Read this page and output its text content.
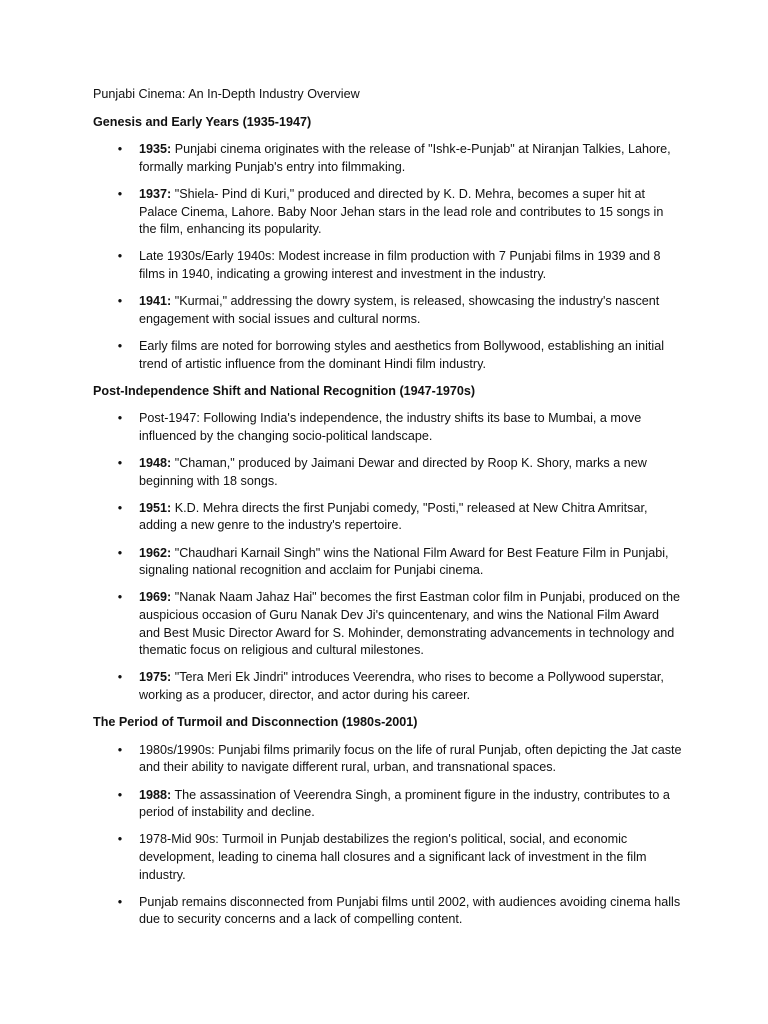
Punjabi Cinema: An In-Depth Industry Overview
Genesis and Early Years (1935-1947)
• 1935: Punjabi cinema originates with the release of "Ishk-e-Punjab" at Niranjan Talkies, Lahore, formally marking Punjab's entry into filmmaking.
• 1937: "Shiela- Pind di Kuri," produced and directed by K. D. Mehra, becomes a super hit at Palace Cinema, Lahore. Baby Noor Jehan stars in the lead role and contributes to 15 songs in the film, enhancing its popularity.
• Late 1930s/Early 1940s: Modest increase in film production with 7 Punjabi films in 1939 and 8 films in 1940, indicating a growing interest and investment in the industry.
• 1941: "Kurmai," addressing the dowry system, is released, showcasing the industry's nascent engagement with social issues and cultural norms.
• Early films are noted for borrowing styles and aesthetics from Bollywood, establishing an initial trend of artistic influence from the dominant Hindi film industry.
Post-Independence Shift and National Recognition (1947-1970s)
• Post-1947: Following India's independence, the industry shifts its base to Mumbai, a move influenced by the changing socio-political landscape.
• 1948: "Chaman," produced by Jaimani Dewar and directed by Roop K. Shory, marks a new beginning with 18 songs.
• 1951: K.D. Mehra directs the first Punjabi comedy, "Posti," released at New Chitra Amritsar, adding a new genre to the industry's repertoire.
• 1962: "Chaudhari Karnail Singh" wins the National Film Award for Best Feature Film in Punjabi, signaling national recognition and acclaim for Punjabi cinema.
• 1969: "Nanak Naam Jahaz Hai" becomes the first Eastman color film in Punjabi, produced on the auspicious occasion of Guru Nanak Dev Ji's quincentenary, and wins the National Film Award and Best Music Director Award for S. Mohinder, demonstrating advancements in technology and thematic focus on religious and cultural milestones.
• 1975: "Tera Meri Ek Jindri" introduces Veerendra, who rises to become a Pollywood superstar, working as a producer, director, and actor during his career.
The Period of Turmoil and Disconnection (1980s-2001)
• 1980s/1990s: Punjabi films primarily focus on the life of rural Punjab, often depicting the Jat caste and their ability to navigate different rural, urban, and transnational spaces.
• 1988: The assassination of Veerendra Singh, a prominent figure in the industry, contributes to a period of instability and decline.
• 1978-Mid 90s: Turmoil in Punjab destabilizes the region's political, social, and economic development, leading to cinema hall closures and a significant lack of investment in the film industry.
• Punjab remains disconnected from Punjabi films until 2002, with audiences avoiding cinema halls due to security concerns and a lack of compelling content.
